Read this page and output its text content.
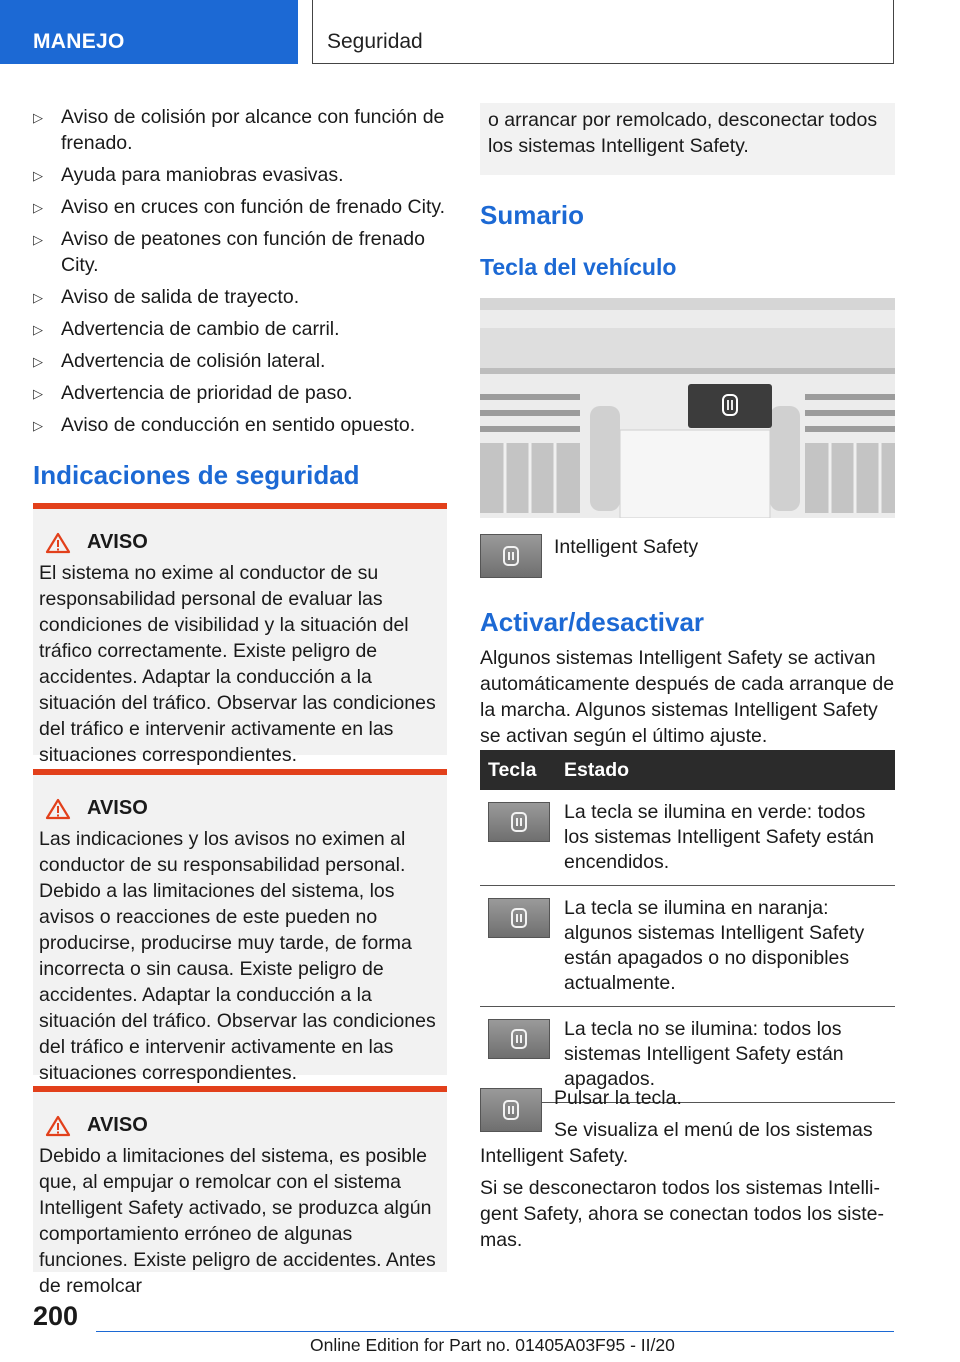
MANEJO	Seguridad
▷ Aviso de colisión por alcance con función de frenado.
▷ Ayuda para maniobras evasivas.
▷ Aviso en cruces con función de frenado City.
▷ Aviso de peatones con función de frenado City.
▷ Aviso de salida de trayecto.
▷ Advertencia de cambio de carril.
▷ Advertencia de colisión lateral.
▷ Advertencia de prioridad de paso.
▷ Aviso de conducción en sentido opuesto.
Indicaciones de seguridad
AVISO

El sistema no exime al conductor de su responsabilidad personal de evaluar las condiciones de visibilidad y la situación del tráfico correctamente. Existe peligro de accidentes. Adaptar la conducción a la situación del tráfico. Observar las condiciones del tráfico e intervenir activamente en las situaciones correspondientes.

AVISO

Las indicaciones y los avisos no eximen al conductor de su responsabilidad personal. Debido a las limitaciones del sistema, los avisos o reacciones de este pueden no producirse, producirse muy tarde, de forma incorrecta o sin causa. Existe peligro de accidentes. Adaptar la conducción a la situación del tráfico. Observar las condiciones del tráfico e intervenir activamente en las situaciones correspondientes.

AVISO

Debido a limitaciones del sistema, es posible que, al empujar o remolcar con el sistema Intelligent Safety activado, se produzca algún comportamiento erróneo de algunas funciones. Existe peligro de accidentes. Antes de remolcar

o arrancar por remolcado, desconectar todos los sistemas Intelligent Safety.
Sumario
Tecla del vehículo
Intelligent Safety
Activar/desactivar
Algunos sistemas Intelligent Safety se activan automáticamente después de cada arranque de la marcha. Algunos sistemas Intelligent Safety se activan según el último ajuste.
Tecla	Estado

	La tecla se ilumina en verde: todos los sistemas Intelligent Safety están encendidos.

	La tecla se ilumina en naranja: algunos sistemas Intelligent Safety están apagados o no disponibles actualmente.

	La tecla no se ilumina: todos los sistemas Intelligent Safety están apagados.
Pulsar la tecla.
Se visualiza el menú de los sistemas Intelligent Safety.
Si se desconectaron todos los sistemas Intelligent Safety, ahora se conectan todos los sistemas.
200
Online Edition for Part no. 01405A03F95 - II/20
